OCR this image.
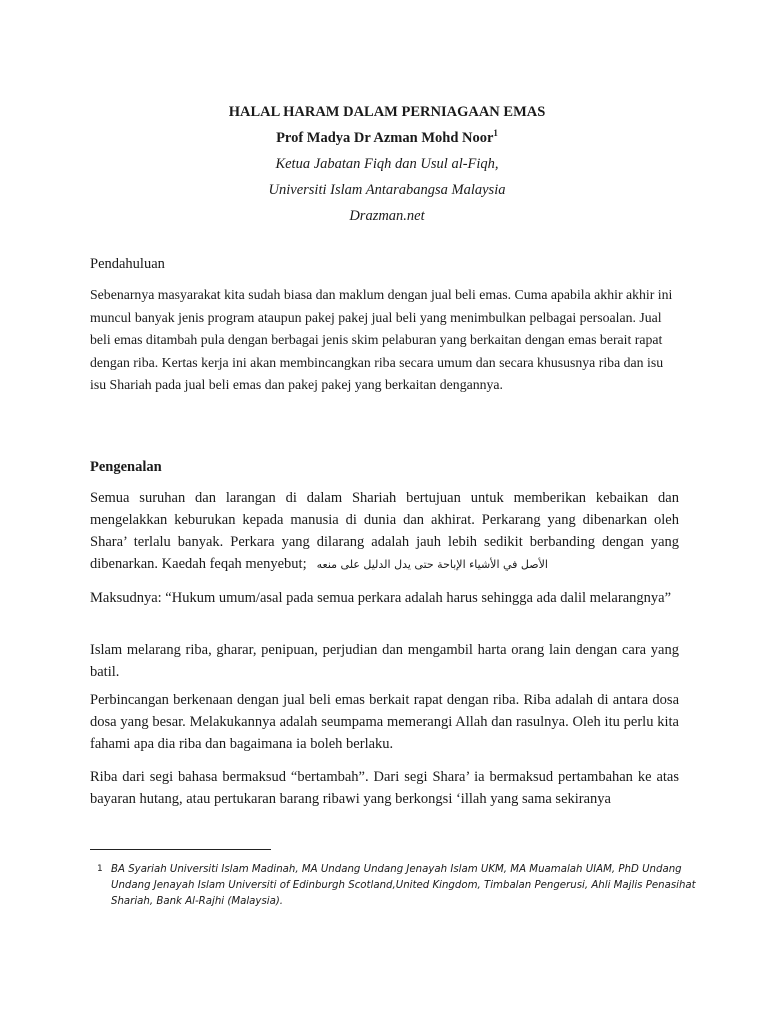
HALAL HARAM DALAM PERNIAGAAN EMAS

Prof Madya Dr Azman Mohd Noor$^1$

Ketua Jabatan Fiqh dan Usul al-Fiqh,

Universiti Islam Antarabangsa Malaysia

Drazman.net

Pendahuluan
Sebenarnya masyarakat kita sudah biasa dan maklum dengan jual beli emas. Cuma apabila akhir akhir ini muncul banyak jenis program ataupun pakej pakej jual beli yang menimbulkan pelbagai persoalan. Jual beli emas ditambah pula dengan berbagai jenis skim pelaburan yang berkaitan dengan emas berait rapat dengan riba. Kertas kerja ini akan membincangkan riba secara umum dan secara khususnya riba dan isu isu Shariah pada jual beli emas dan pakej pakej yang berkaitan dengannya.
Pengenalan
Semua suruhan dan larangan di dalam Shariah bertujuan untuk memberikan kebaikan dan mengelakkan keburukan kepada manusia di dunia dan akhirat. Perkarang yang dibenarkan oleh Shara’ terlalu banyak. Perkara yang dilarang adalah jauh lebih sedikit berbanding dengan yang dibenarkan. Kaedah feqah menyebut; الأصل في الأشياء الإباحة حتى يدل الدليل على منعه
Maksudnya: “Hukum umum/asal pada semua perkara adalah harus sehingga ada dalil melarangnya”
Islam melarang riba, gharar, penipuan, perjudian dan mengambil harta orang lain dengan cara yang batil.
Perbincangan berkenaan dengan jual beli emas berkait rapat dengan riba. Riba adalah di antara dosa dosa yang besar. Melakukannya adalah seumpama memerangi Allah dan rasulnya. Oleh itu perlu kita fahami apa dia riba dan bagaimana ia boleh berlaku.
Riba dari segi bahasa bermaksud “bertambah”. Dari segi Shara’ ia bermaksud pertambahan ke atas bayaran hutang, atau pertukaran barang ribawi yang berkongsi ‘illah yang sama sekiranya
1 BA Syariah Universiti Islam Madinah, MA Undang Undang Jenayah Islam UKM, MA Muamalah UIAM, PhD Undang Undang Jenayah Islam Universiti of Edinburgh Scotland,United Kingdom, Timbalan Pengerusi, Ahli Majlis Penasihat Shariah, Bank Al-Rajhi (Malaysia).
